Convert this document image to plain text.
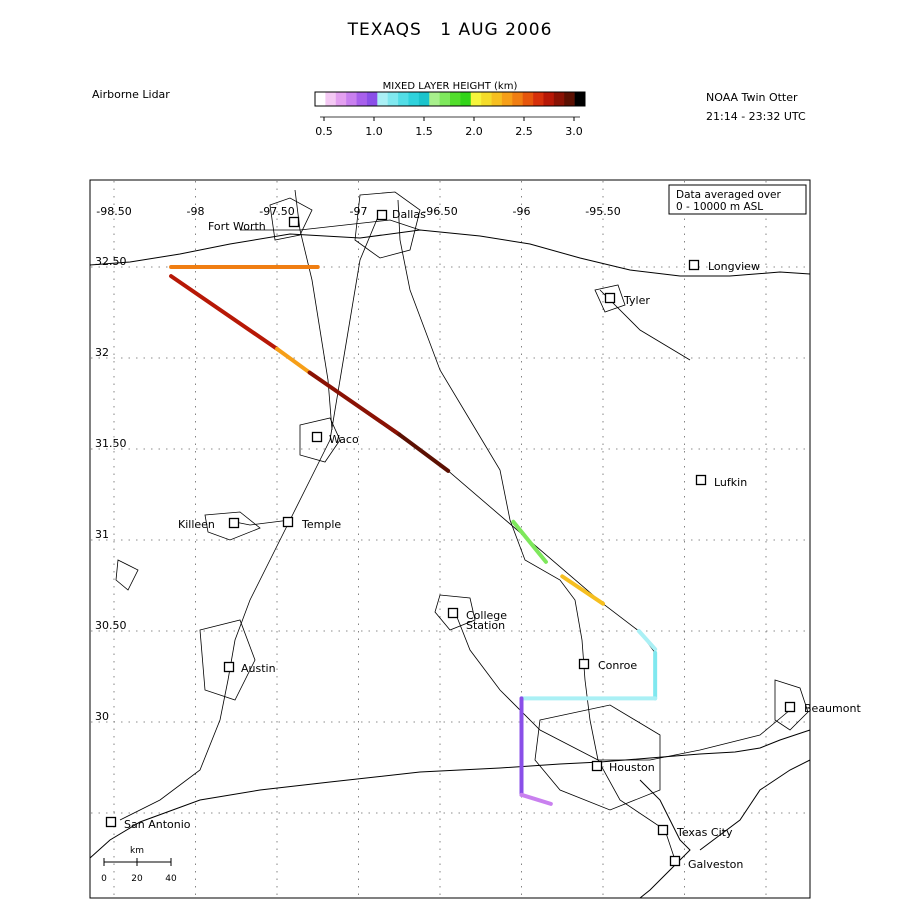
TEXAQS 1 AUG 2006
Airborne Lidar	NOAA Twin Otter
21:14 - 23:32 UTC
MIXED LAYER HEIGHT (km)
0.5	1.0	1.5	2.0	2.5	3.0
-98.50	-98	-97.50	-97	-96.50	-96	-95.50
32.50
32
31.50
31
30.50
30
Fort Worth
Dallas
Longview
Tyler
Waco
Lufkin
Killeen	Temple
College
Station
Conroe
Austin
Beaumont
Houston
Texas City
San Antonio
Galveston
Data averaged over
0 - 10000 m ASL
km
0	20	40
